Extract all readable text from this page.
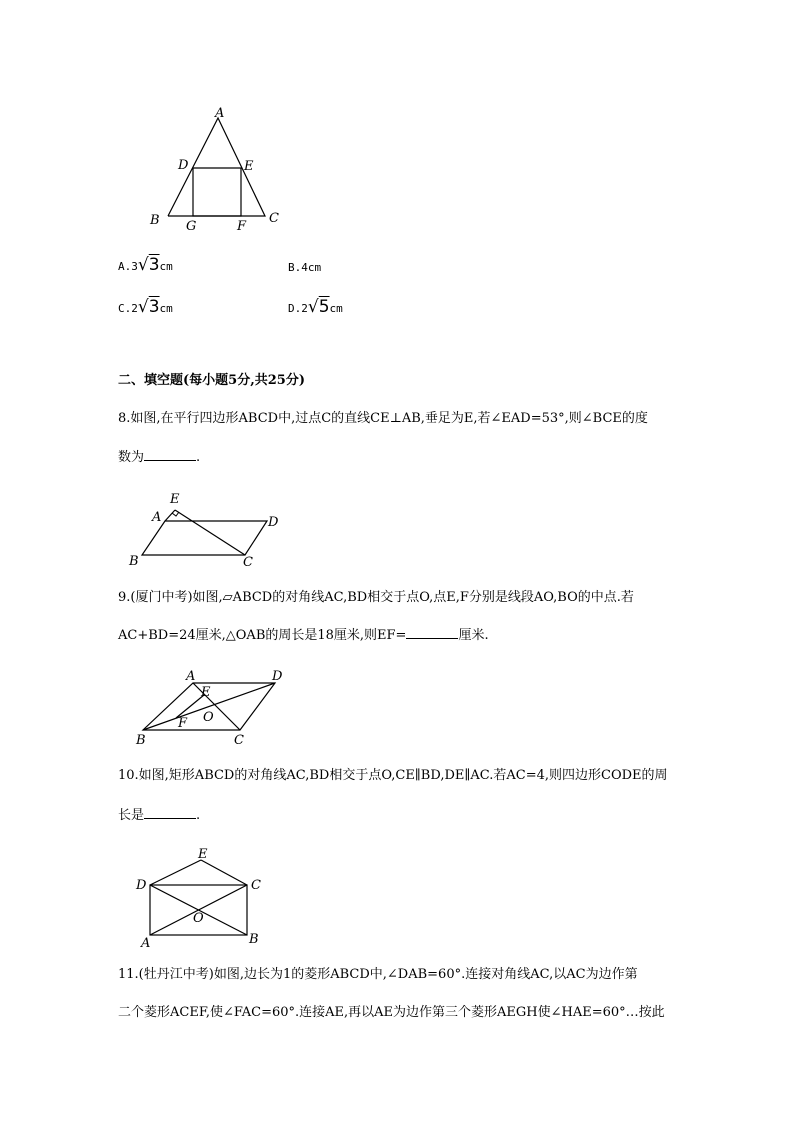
A
D	E
B G	F
C
A.3√3cm	B.4cm
C.2√3cm	D.2√5cm
二、填空题(每小题5分,共25分)
8.如图,在平行四边形ABCD中,过点C的直线CE⊥AB,垂足为E,若∠EAD=53°,则∠BCE的度
数为	.
E
A	D
B	C
9.(厦门中考)如图,▱ABCD的对角线AC,BD相交于点O,点E,F分别是线段AO,BO的中点.若
AC+BD=24厘米,△OAB的周长是18厘米,则EF=	厘米.
A	D
E
O
F
B	C
10.如图,矩形ABCD的对角线AC,BD相交于点O,CE∥BD,DE∥AC.若AC=4,则四边形CODE的周
长是	.
E
D	C
O
A	B
11.(牡丹江中考)如图,边长为1的菱形ABCD中,∠DAB=60°.连接对角线AC,以AC为边作第
二个菱形ACEF,使∠FAC=60°.连接AE,再以AE为边作第三个菱形AEGH使∠HAE=60°…按此
